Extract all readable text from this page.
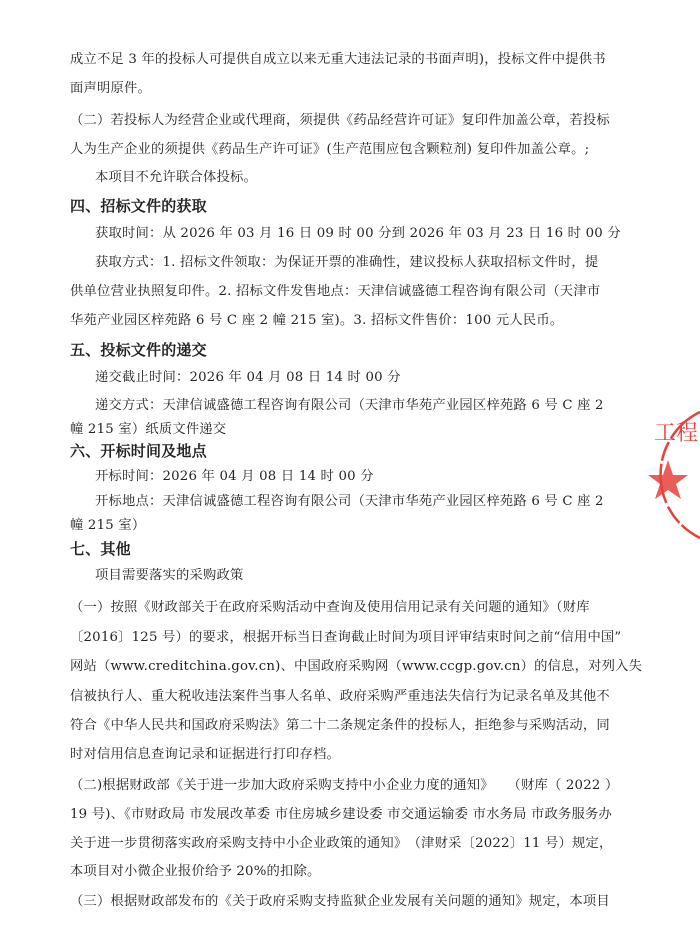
成立不足 3 年的投标人可提供自成立以来无重大违法记录的书面声明)，投标文件中提供书
面声明原件。
（二）若投标人为经营企业或代理商，须提供《药品经营许可证》复印件加盖公章，若投标
人为生产企业的须提供《药品生产许可证》(生产范围应包含颗粒剂) 复印件加盖公章。;
本项目不允许联合体投标。
四、招标文件的获取
获取时间：从 2026 年 03 月 16 日 09 时 00 分到 2026 年 03 月 23 日 16 时 00 分
获取方式：1. 招标文件领取：为保证开票的准确性，建议投标人获取招标文件时，提
供单位营业执照复印件。2. 招标文件发售地点：天津信诚盛德工程咨询有限公司（天津市
华苑产业园区梓苑路 6 号 C 座 2 幢 215 室)。3. 招标文件售价：100 元人民币。
五、投标文件的递交
递交截止时间：2026 年 04 月 08 日 14 时 00 分
递交方式：天津信诚盛德工程咨询有限公司（天津市华苑产业园区梓苑路 6 号 C 座 2
幢 215 室）纸质文件递交
六、开标时间及地点
开标时间：2026 年 04 月 08 日 14 时 00 分
开标地点：天津信诚盛德工程咨询有限公司（天津市华苑产业园区梓苑路 6 号 C 座 2
幢 215 室）
七、其他
项目需要落实的采购政策
（一）按照《财政部关于在政府采购活动中查询及使用信用记录有关问题的通知》（财库
〔2016〕125 号）的要求，根据开标当日查询截止时间为项目评审结束时间之前“信用中国”
网站（www.creditchina.gov.cn)、中国政府采购网（www.ccgp.gov.cn）的信息，对列入失
信被执行人、重大税收违法案件当事人名单、政府采购严重违法失信行为记录名单及其他不
符合《中华人民共和国政府采购法》第二十二条规定条件的投标人，拒绝参与采购活动，同
时对信用信息查询记录和证据进行打印存档。
（二)根据财政部《关于进一步加大政府采购支持中小企业力度的通知》　　（财库（ 2022 ）
19 号)、《市财政局 市发展改革委 市住房城乡建设委 市交通运输委 市水务局 市政务服务办
关于进一步贯彻落实政府采购支持中小企业政策的通知》　（津财采〔2022〕11 号）规定，
本项目对小微企业报价给予 20%的扣除。
（三）根据财政部发布的《关于政府采购支持监狱企业发展有关问题的通知》规定，本项目
工程
